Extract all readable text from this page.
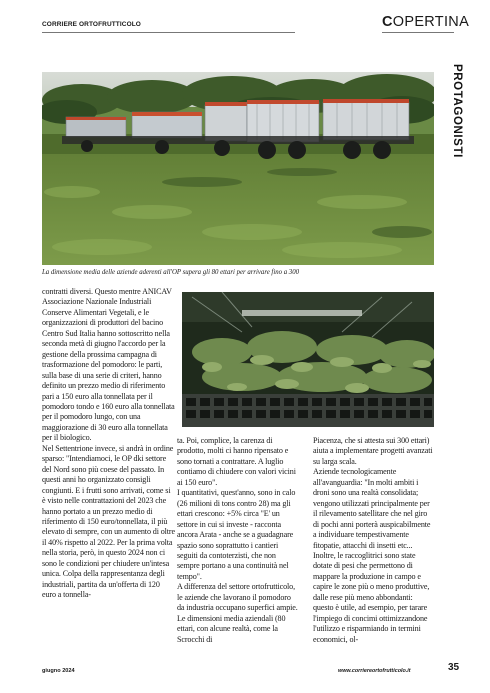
CORRIERE ORTOFRUTTICOLO	COPERTINA
PROTAGONISTI
La dimensione media delle aziende aderenti all'OP supera gli 80 ettari per arrivare fino a 300

contratti diversi. Questo mentre ANICAV Associazione Nazionale Industriali Conserve Alimentari Vegetali, e le organizzazioni di produttori del bacino Centro Sud Italia hanno sottoscritto nella seconda metà di giugno l'accordo per la gestione della prossima campagna di trasformazione del pomodoro: le parti, sulla base di una serie di criteri, hanno definito un prezzo medio di riferimento pari a 150 euro alla tonnellata per il pomodoro tondo e 160 euro alla tonnellata per il pomodoro lungo, con una maggiorazione di 30 euro alla tonnellata per il biologico.

Nel Settentrione invece, si andrà in ordine sparso: "Intendiamoci, le OP dki settore del Nord sono più coese del passato. In questi anni ho organizzato consigli congiunti. E i frutti sono arrivati, come si è visto nelle contrattazioni del 2023 che hanno portato a un prezzo medio di riferimento di 150 euro/tonnellata, il più elevato di sempre, con un aumento di oltre il 40% rispetto al 2022. Per la prima volta nella storia, però, in questo 2024 non ci sono le condizioni per chiudere un'intesa unica. Colpa della rappresentanza degli industriali, partita da un'offerta di 120 euro a tonnella-

ta. Poi, complice, la carenza di prodotto, molti ci hanno ripensato e sono tornati a contrattare. A luglio contiamo di chiudere con valori vicini ai 150 euro".

I quantitativi, quest'anno, sono in calo (26 milioni di tons contro 28) ma gli ettari crescono: +5% circa "E' un settore in cui si investe - racconta ancora Arata - anche se a guadagnare spazio sono soprattutto i cantieri seguiti da contoterzisti, che non sempre portano a una continuità nel tempo".

A differenza del settore ortofrutticolo, le aziende che lavorano il pomodoro da industria occupano superfici ampie. Le dimensioni media aziendali (80 ettari, con alcune realtà, come la Scrocchi di

Piacenza, che si attesta sui 300 ettari) aiuta a implementare progetti avanzati su larga scala.

Aziende tecnologicamente all'avanguardia: "In molti ambiti i droni sono una realtà consolidata; vengono utilizzati principalmente per il rilevamento satellitare che nel giro di pochi anni porterà auspicabilmente a individuare tempestivamente fitopatie, attacchi di insetti etc... Inoltre, le raccoglitrici sono state dotate di pesi che permettono di mappare la produzione in campo e capire le zone più o meno produttive, dalle rese più meno abbondanti: questo è utile, ad esempio, per tarare l'impiego di concimi ottimizzandone l'utilizzo e risparmiando in termini economici, ol-

giugno 2024	www.corriereortofrutticolo.it	35
